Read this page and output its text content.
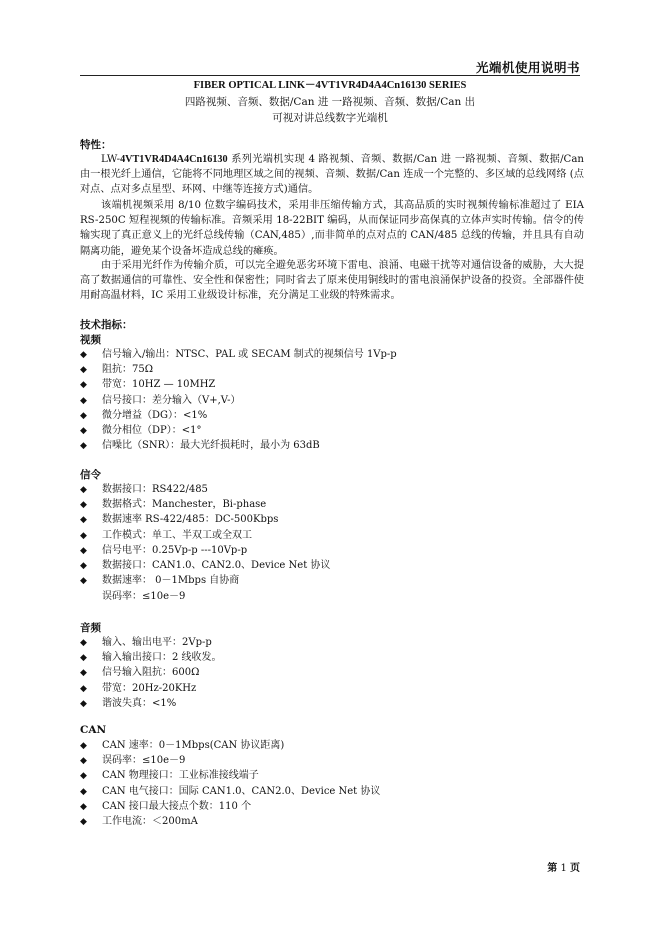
光端机使用说明书
FIBER OPTICAL LINK－4VT1VR4D4A4Cn16130 SERIES
四路视频、音频、数据/Can 进 一路视频、音频、数据/Can 出
可视对讲总线数字光端机
特性：
LW-4VT1VR4D4A4Cn16130 系列光端机实现 4 路视频、音频、数据/Can 进 一路视频、音频、数据/Can 由一根光纤上通信，它能将不同地理区域之间的视频、音频、数据/Can 连成一个完整的、多区域的总线网络 (点对点、点对多点星型、环网、中继等连接方式)通信。
该端机视频采用 8/10 位数字编码技术，采用非压缩传输方式，其高品质的实时视频传输标准超过了 EIA RS-250C 短程视频的传输标准。音频采用 18-22BIT 编码，从而保证同步高保真的立体声实时传输。信令的传输实现了真正意义上的光纤总线传输（CAN,485）,而非简单的点对点的 CAN/485 总线的传输，并且具有自动隔离功能，避免某个设备坏造成总线的瘫痪。
由于采用光纤作为传输介质，可以完全避免恶劣环境下雷电、浪涌、电磁干扰等对通信设备的威胁，大大提高了数据通信的可靠性、安全性和保密性；同时省去了原来使用铜线时的雷电浪涌保护设备的投资。全部器件使用耐高温材料，IC 采用工业级设计标准，充分满足工业级的特殊需求。
技术指标：
视频
◆ 信号输入/输出：NTSC、PAL 或 SECAM 制式的视频信号 1Vp-p
◆ 阻抗：75Ω
◆ 带宽：10HZ — 10MHZ
◆ 信号接口：差分输入（V+,V-）
◆ 微分增益（DG）：<1%
◆ 微分相位（DP）：<1°
◆ 信噪比（SNR）：最大光纤损耗时，最小为 63dB
信令
◆ 数据接口：RS422/485
◆ 数据格式：Manchester，Bi-phase
◆ 数据速率 RS-422/485：DC-500Kbps
◆ 工作模式：单工、半双工或全双工
◆ 信号电平：0.25Vp-p ---10Vp-p
◆ 数据接口：CAN1.0、CAN2.0、Device Net 协议
◆ 数据速率： 0－1Mbps 自协商
误码率：≤10e－9
音频
◆ 输入、输出电平：2Vp-p
◆ 输入输出接口：2 线收发。
◆ 信号输入阻抗：600Ω
◆ 带宽：20Hz-20KHz
◆ 谐波失真：<1%
CAN
◆ CAN 速率：0－1Mbps(CAN 协议距离)
◆ 误码率：≤10e－9
◆ CAN 物理接口：工业标准接线端子
◆ CAN 电气接口：国际 CAN1.0、CAN2.0、Device Net 协议
◆ CAN 接口最大接点个数：110 个
◆ 工作电流：＜200mA
第 1 页
